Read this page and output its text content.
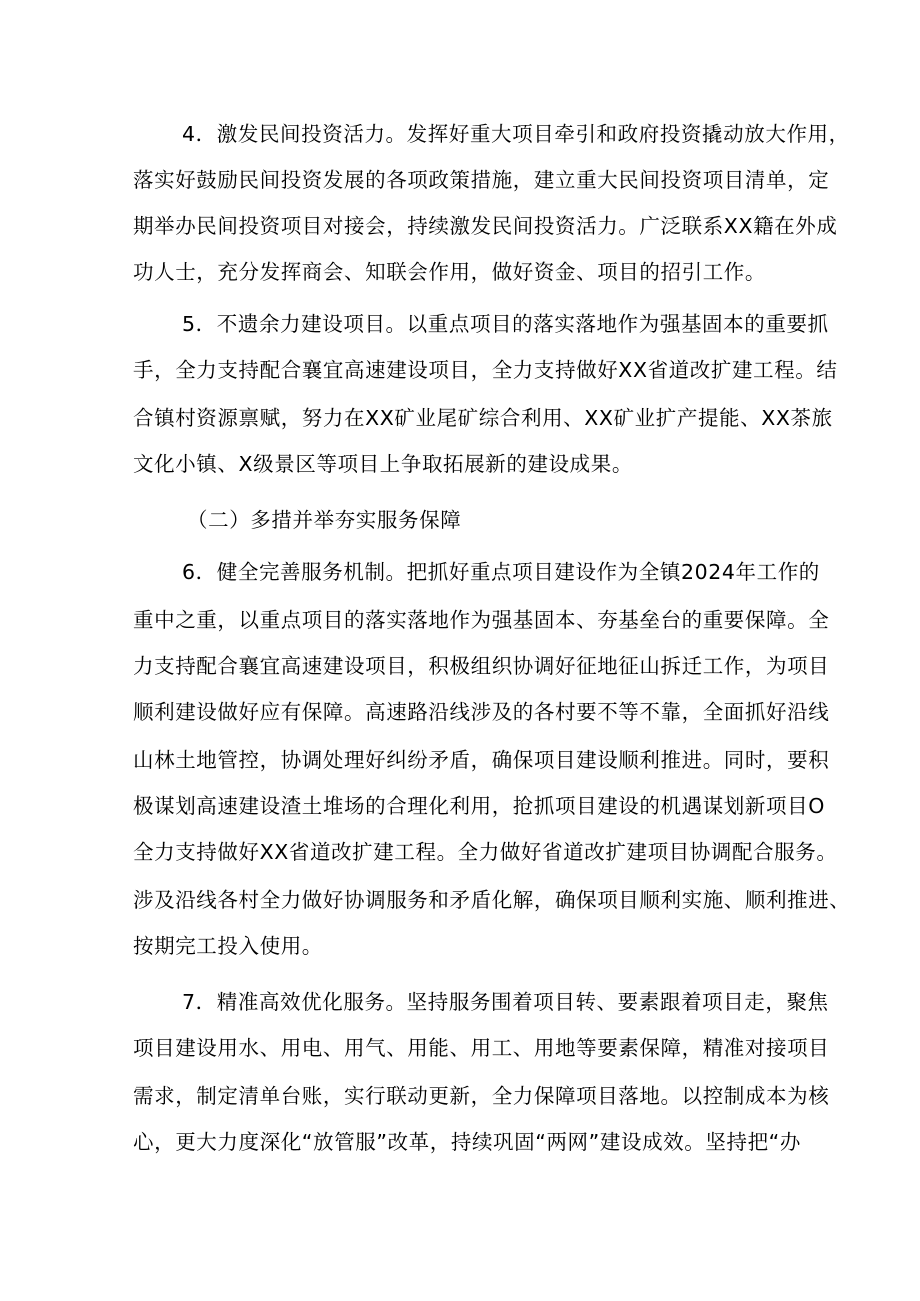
4．激发民间投资活力。发挥好重大项目牵引和政府投资撬动放大作用，
落实好鼓励民间投资发展的各项政策措施，建立重大民间投资项目清单，定
期举办民间投资项目对接会，持续激发民间投资活力。广泛联系XX籍在外成
功人士，充分发挥商会、知联会作用，做好资金、项目的招引工作。
5．不遗余力建设项目。以重点项目的落实落地作为强基固本的重要抓
手，全力支持配合襄宜高速建设项目，全力支持做好XX省道改扩建工程。结
合镇村资源禀赋，努力在XX矿业尾矿综合利用、XX矿业扩产提能、XX茶旅
文化小镇、X级景区等项目上争取拓展新的建设成果。
（二）多措并举夯实服务保障
6．健全完善服务机制。把抓好重点项目建设作为全镇2024年工作的
重中之重，以重点项目的落实落地作为强基固本、夯基垒台的重要保障。全
力支持配合襄宜高速建设项目，积极组织协调好征地征山拆迁工作，为项目
顺利建设做好应有保障。高速路沿线涉及的各村要不等不靠，全面抓好沿线
山林土地管控，协调处理好纠纷矛盾，确保项目建设顺利推进。同时，要积
极谋划高速建设渣土堆场的合理化利用，抢抓项目建设的机遇谋划新项目O
全力支持做好XX省道改扩建工程。全力做好省道改扩建项目协调配合服务。
涉及沿线各村全力做好协调服务和矛盾化解，确保项目顺利实施、顺利推进、
按期完工投入使用。
7．精准高效优化服务。坚持服务围着项目转、要素跟着项目走，聚焦
项目建设用水、用电、用气、用能、用工、用地等要素保障，精准对接项目
需求，制定清单台账，实行联动更新，全力保障项目落地。以控制成本为核
心，更大力度深化“放管服”改革，持续巩固“两网”建设成效。坚持把“办
